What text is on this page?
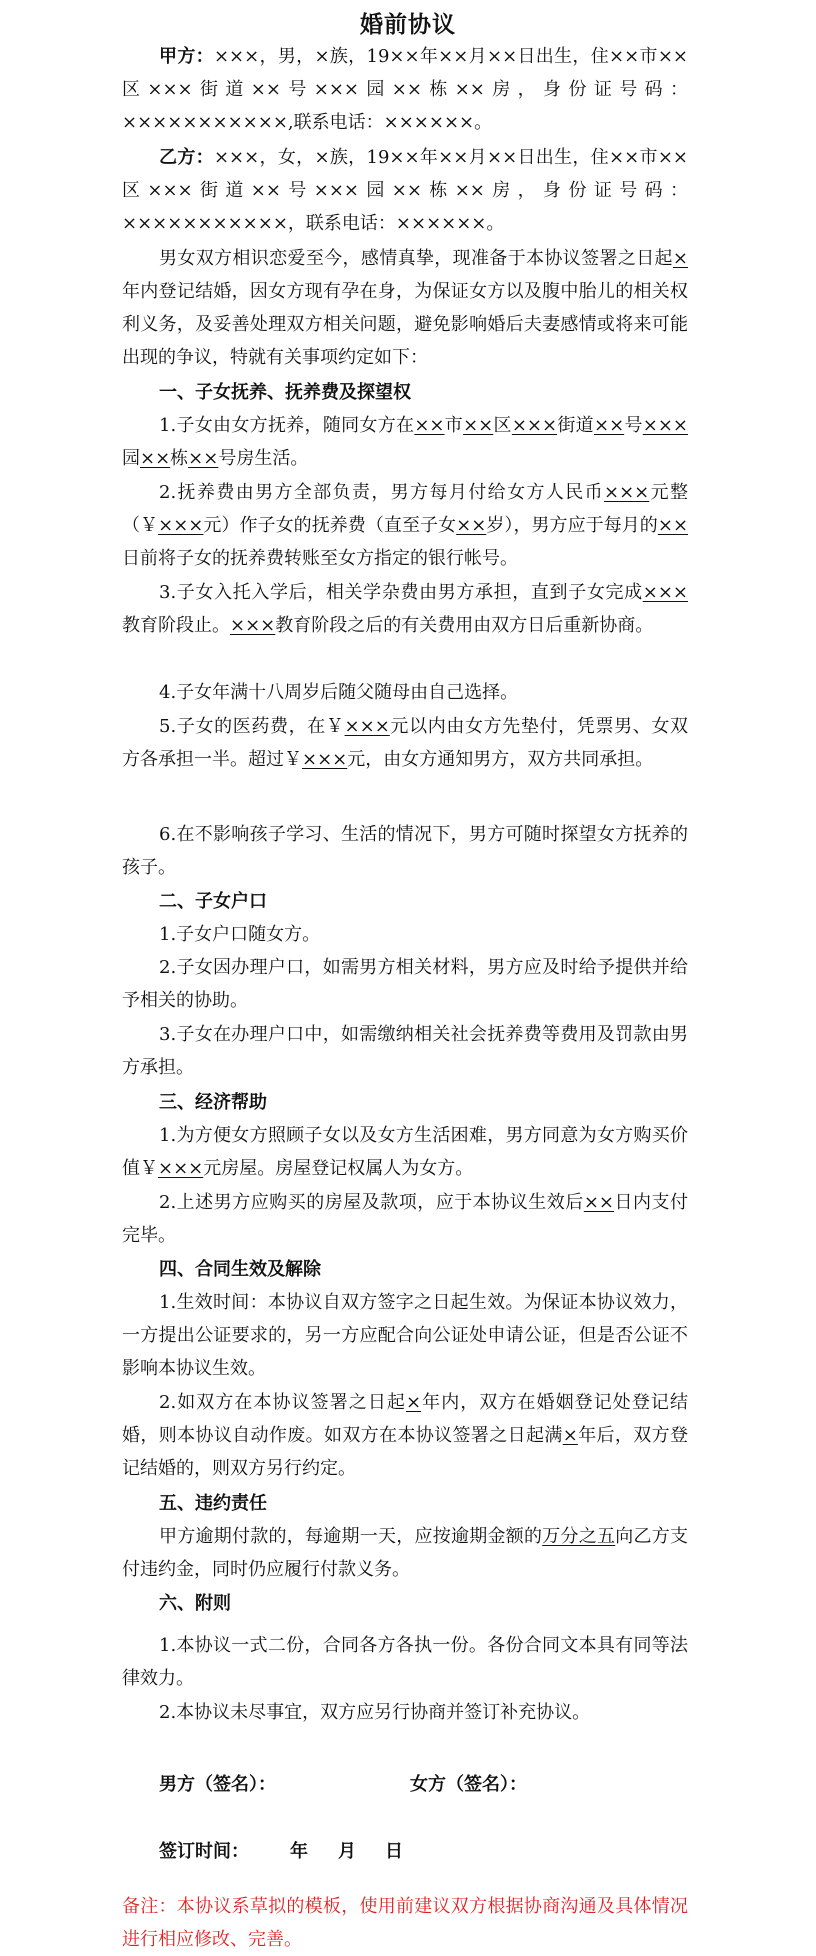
婚前协议
甲方：×××，男，×族，19××年××月××日出生，住××市××区×××街道××号×××园××栋××房，身份证号码：×××××××××××,联系电话：××××××。
乙方：×××，女，×族，19××年××月××日出生，住××市××区×××街道××号×××园××栋××房，身份证号码：×××××××××××，联系电话：××××××。
男女双方相识恋爱至今，感情真挚，现准备于本协议签署之日起×年内登记结婚，因女方现有孕在身，为保证女方以及腹中胎儿的相关权利义务，及妥善处理双方相关问题，避免影响婚后夫妻感情或将来可能出现的争议，特就有关事项约定如下：
一、子女抚养、抚养费及探望权
1.子女由女方抚养，随同女方在××市××区×××街道××号×××园××栋××号房生活。
2.抚养费由男方全部负责，男方每月付给女方人民币×××元整（￥×××元）作子女的抚养费（直至子女××岁），男方应于每月的××日前将子女的抚养费转账至女方指定的银行帐号。
3.子女入托入学后，相关学杂费由男方承担，直到子女完成×××教育阶段止。×××教育阶段之后的有关费用由双方日后重新协商。
4.子女年满十八周岁后随父随母由自己选择。
5.子女的医药费，在￥×××元以内由女方先垫付，凭票男、女双方各承担一半。超过￥×××元，由女方通知男方，双方共同承担。
6.在不影响孩子学习、生活的情况下，男方可随时探望女方抚养的孩子。
二、子女户口
1.子女户口随女方。
2.子女因办理户口，如需男方相关材料，男方应及时给予提供并给予相关的协助。
3.子女在办理户口中，如需缴纳相关社会抚养费等费用及罚款由男方承担。
三、经济帮助
1.为方便女方照顾子女以及女方生活困难，男方同意为女方购买价值￥×××元房屋。房屋登记权属人为女方。
2.上述男方应购买的房屋及款项，应于本协议生效后××日内支付完毕。
四、合同生效及解除
1.生效时间：本协议自双方签字之日起生效。为保证本协议效力，一方提出公证要求的，另一方应配合向公证处申请公证，但是否公证不影响本协议生效。
2.如双方在本协议签署之日起×年内，双方在婚姻登记处登记结婚，则本协议自动作废。如双方在本协议签署之日起满×年后，双方登记结婚的，则双方另行约定。
五、违约责任
甲方逾期付款的，每逾期一天，应按逾期金额的万分之五向乙方支付违约金，同时仍应履行付款义务。
六、附则
1.本协议一式二份，合同各方各执一份。各份合同文本具有同等法律效力。
2.本协议未尽事宜，双方应另行协商并签订补充协议。
男方（签名）：	女方（签名）：
签订时间： 年 月 日
备注：本协议系草拟的模板，使用前建议双方根据协商沟通及具体情况进行相应修改、完善。
